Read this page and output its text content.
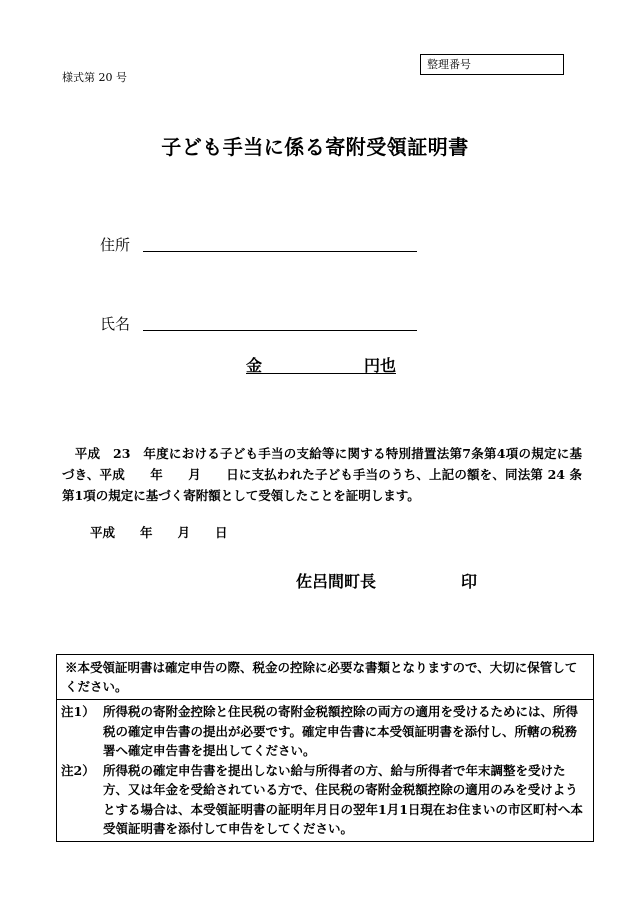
様式第 20 号
整理番号
子ども手当に係る寄附受領証明書
住所
氏名
金	円也
　平成　23　年度における子ども手当の支給等に関する特別措置法第7条第4項の規定に基づき、平成　　年　　月　　日に支払われた子ども手当のうち、上記の額を、同法第 24 条第1項の規定に基づく寄附額として受領したことを証明します。
平成　　年　　月　　日
佐呂間町長	印
※本受領証明書は確定申告の際、税金の控除に必要な書類となりますので、大切に保管してください。
注1） 所得税の寄附金控除と住民税の寄附金税額控除の両方の適用を受けるためには、所得税の確定申告書の提出が必要です。確定申告書に本受領証明書を添付し、所轄の税務署へ確定申告書を提出してください。
注2） 所得税の確定申告書を提出しない給与所得者の方、給与所得者で年末調整を受けた方、又は年金を受給されている方で、住民税の寄附金税額控除の適用のみを受けようとする場合は、本受領証明書の証明年月日の翌年1月1日現在お住まいの市区町村へ本受領証明書を添付して申告をしてください。
